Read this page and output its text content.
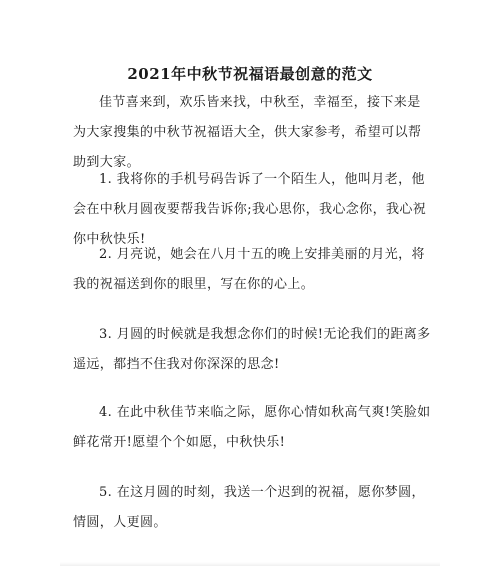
2021年中秋节祝福语最创意的范文

佳节喜来到，欢乐皆来找，中秋至，幸福至，接下来是为大家搜集的中秋节祝福语大全，供大家参考，希望可以帮助到大家。

1. 我将你的手机号码告诉了一个陌生人，他叫月老，他会在中秋月圆夜要帮我告诉你;我心思你，我心念你，我心祝你中秋快乐!

2. 月亮说，她会在八月十五的晚上安排美丽的月光，将我的祝福送到你的眼里，写在你的心上。

3. 月圆的时候就是我想念你们的时候!无论我们的距离多遥远，都挡不住我对你深深的思念!

4. 在此中秋佳节来临之际，愿你心情如秋高气爽!笑脸如鲜花常开!愿望个个如愿，中秋快乐!

5. 在这月圆的时刻，我送一个迟到的祝福，愿你梦圆，情圆，人更圆。
